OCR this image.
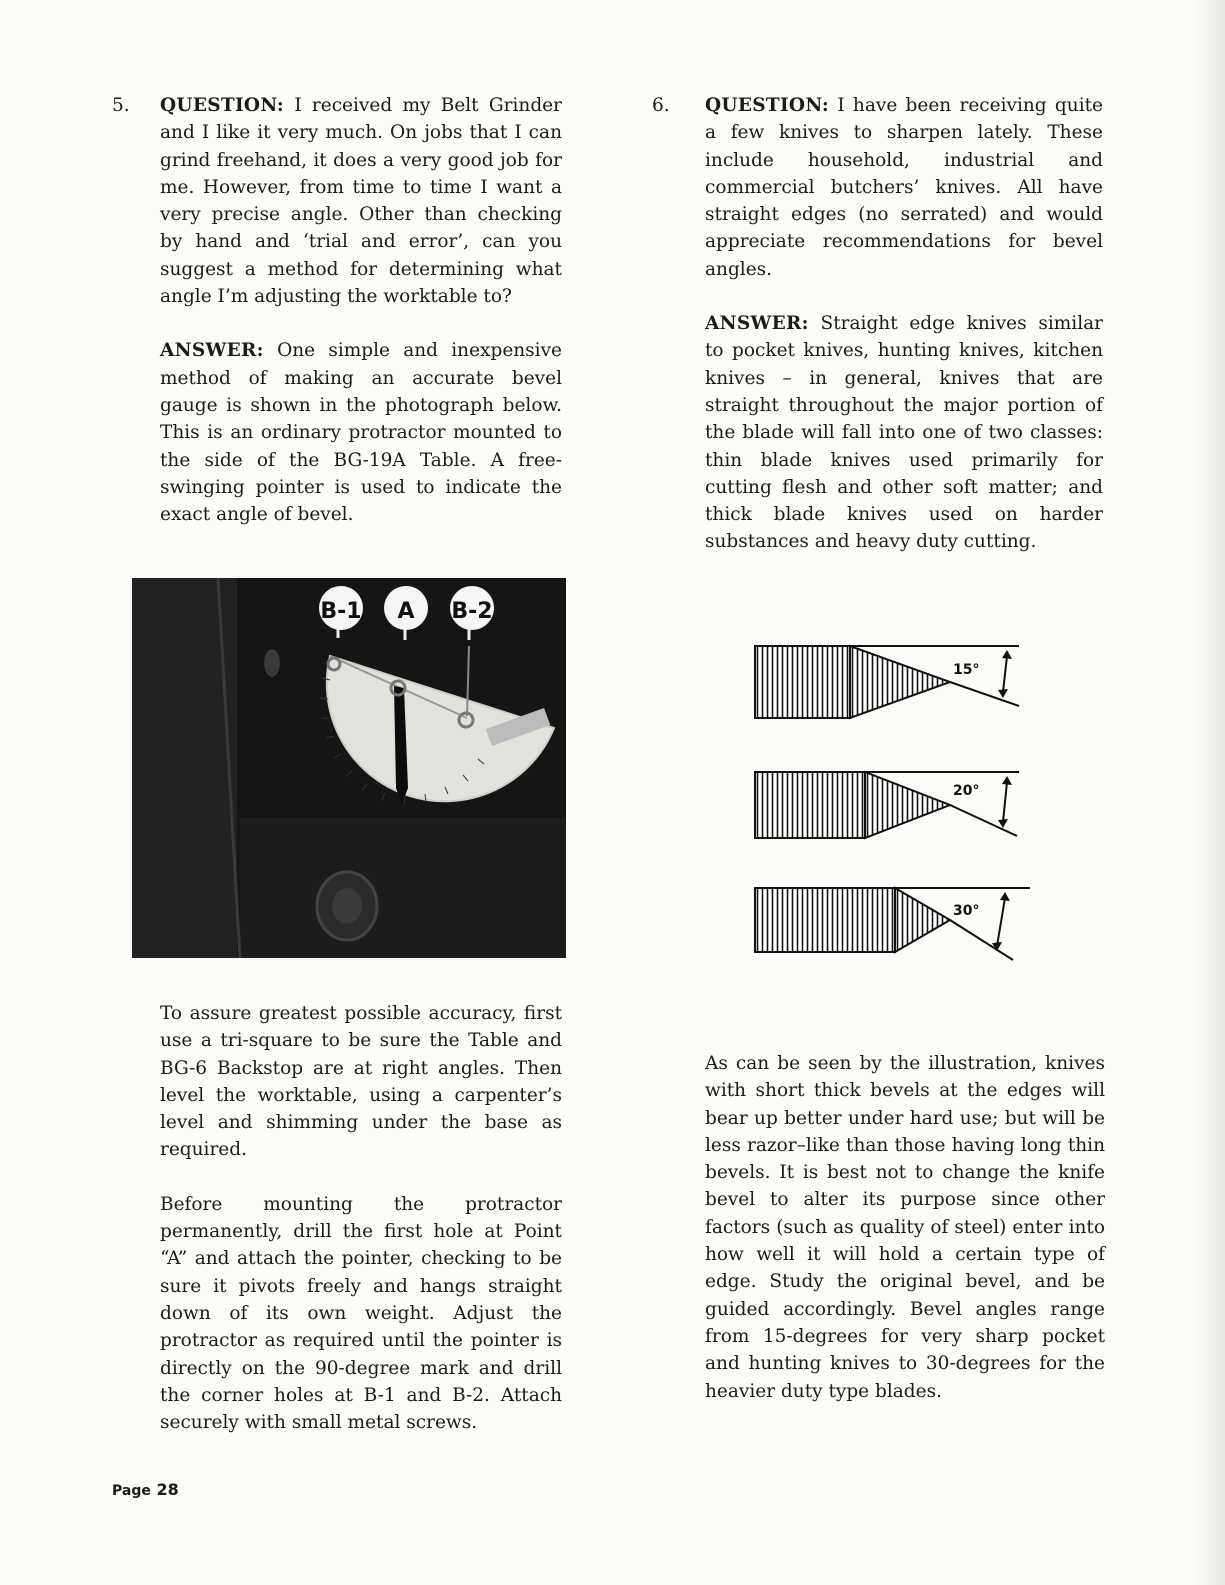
5. QUESTION: I received my Belt Grinder and I like it very much. On jobs that I can grind freehand, it does a very good job for me. However, from time to time I want a very precise angle. Other than checking by hand and ‘trial and error’, can you suggest a method for determining what angle I’m adjusting the worktable to?

ANSWER: One simple and inexpensive method of making an accurate bevel gauge is shown in the photograph below. This is an ordinary protractor mounted to the side of the BG-19A Table. A free-swinging pointer is used to indicate the exact angle of bevel.

B-1 A B-2

To assure greatest possible accuracy, first use a tri-square to be sure the Table and BG-6 Backstop are at right angles. Then level the worktable, using a carpenter’s level and shimming under the base as required.

Before mounting the protractor permanently, drill the first hole at Point “A” and attach the pointer, checking to be sure it pivots freely and hangs straight down of its own weight. Adjust the protractor as required until the pointer is directly on the 90-degree mark and drill the corner holes at B-1 and B-2. Attach securely with small metal screws.

6. QUESTION: I have been receiving quite a few knives to sharpen lately. These include household, industrial and commercial butchers’ knives. All have straight edges (no serrated) and would appreciate recommendations for bevel angles.

ANSWER: Straight edge knives similar to pocket knives, hunting knives, kitchen knives – in general, knives that are straight throughout the major portion of the blade will fall into one of two classes: thin blade knives used primarily for cutting flesh and other soft matter; and thick blade knives used on harder substances and heavy duty cutting.

15°
20°
30°

As can be seen by the illustration, knives with short thick bevels at the edges will bear up better under hard use; but will be less razor–like than those having long thin bevels. It is best not to change the knife bevel to alter its purpose since other factors (such as quality of steel) enter into how well it will hold a certain type of edge. Study the original bevel, and be guided accordingly. Bevel angles range from 15-degrees for very sharp pocket and hunting knives to 30-degrees for the heavier duty type blades.

Page 28
